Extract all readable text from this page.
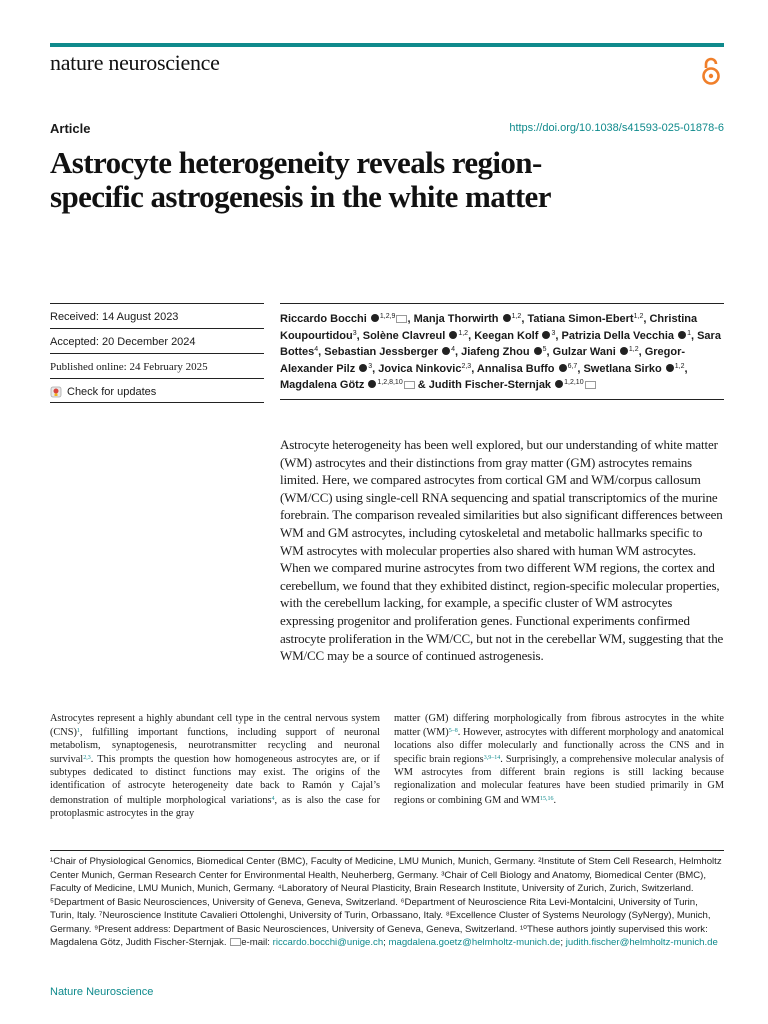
nature neuroscience
Article	https://doi.org/10.1038/s41593-025-01878-6
Astrocyte heterogeneity reveals region-specific astrogenesis in the white matter
Received: 14 August 2023
Accepted: 20 December 2024
Published online: 24 February 2025
Check for updates
Riccardo Bocchi $^{1,2,9}$ , Manja Thorwirth $^{1,2}$, Tatiana Simon-Ebert$^{1,2}$, Christina Koupourtidou$^3$, Solène Clavreul $^{1,2}$, Keegan Kolf $^3$, Patrizia Della Vecchia $^1$, Sara Bottes$^4$, Sebastian Jessberger $^4$, Jiafeng Zhou $^5$, Gulzar Wani $^{1,2}$, Gregor-Alexander Pilz $^3$, Jovica Ninkovic$^{2,3}$, Annalisa Buffo $^{6,7}$, Swetlana Sirko $^{1,2}$, Magdalena Götz $^{1,2,8,10}$ & Judith Fischer-Sternjak $^{1,2,10}$

Astrocyte heterogeneity has been well explored, but our understanding of white matter (WM) astrocytes and their distinctions from gray matter (GM) astrocytes remains limited. Here, we compared astrocytes from cortical GM and WM/corpus callosum (WM/CC) using single-cell RNA sequencing and spatial transcriptomics of the murine forebrain. The comparison revealed similarities but also significant differences between WM and GM astrocytes, including cytoskeletal and metabolic hallmarks specific to WM astrocytes with molecular properties also shared with human WM astrocytes. When we compared murine astrocytes from two different WM regions, the cortex and cerebellum, we found that they exhibited distinct, region-specific molecular properties, with the cerebellum lacking, for example, a specific cluster of WM astrocytes expressing progenitor and proliferation genes. Functional experiments confirmed astrocyte proliferation in the WM/CC, but not in the cerebellar WM, suggesting that the WM/CC may be a source of continued astrogenesis.

Astrocytes represent a highly abundant cell type in the central nervous system (CNS)$^1$, fulfilling important functions, including support of neuronal metabolism, synaptogenesis, neurotransmitter recycling and neuronal survival$^{2,3}$. This prompts the question how homogeneous astrocytes are, or if subtypes dedicated to distinct functions may exist. The origins of the identification of astrocyte heterogeneity date back to Ramón y Cajal’s demonstration of multiple morphological variations$^4$, as is also the case for protoplasmic astrocytes in the gray
matter (GM) differing morphologically from fibrous astrocytes in the white matter (WM)$^{5-8}$. However, astrocytes with different morphology and anatomical locations also differ molecularly and functionally across the CNS and in specific brain regions$^{3,9-14}$. Surprisingly, a comprehensive molecular analysis of WM astrocytes from different brain regions is still lacking because regionalization and molecular features have been studied primarily in GM regions or combining GM and WM$^{15,16}$.
¹Chair of Physiological Genomics, Biomedical Center (BMC), Faculty of Medicine, LMU Munich, Munich, Germany. ²Institute of Stem Cell Research, Helmholtz Center Munich, German Research Center for Environmental Health, Neuherberg, Germany. ³Chair of Cell Biology and Anatomy, Biomedical Center (BMC), Faculty of Medicine, LMU Munich, Munich, Germany. ⁴Laboratory of Neural Plasticity, Brain Research Institute, University of Zurich, Zurich, Switzerland. ⁵Department of Basic Neurosciences, University of Geneva, Geneva, Switzerland. ⁶Department of Neuroscience Rita Levi-Montalcini, University of Turin, Turin, Italy. ⁷Neuroscience Institute Cavalieri Ottolenghi, University of Turin, Orbassano, Italy. ⁸Excellence Cluster of Systems Neurology (SyNergy), Munich, Germany. ⁹Present address: Department of Basic Neurosciences, University of Geneva, Geneva, Switzerland. ¹⁰These authors jointly supervised this work: Magdalena Götz, Judith Fischer-Sternjak. e-mail: riccardo.bocchi@unige.ch; magdalena.goetz@helmholtz-munich.de; judith.fischer@helmholtz-munich.de
Nature Neuroscience
